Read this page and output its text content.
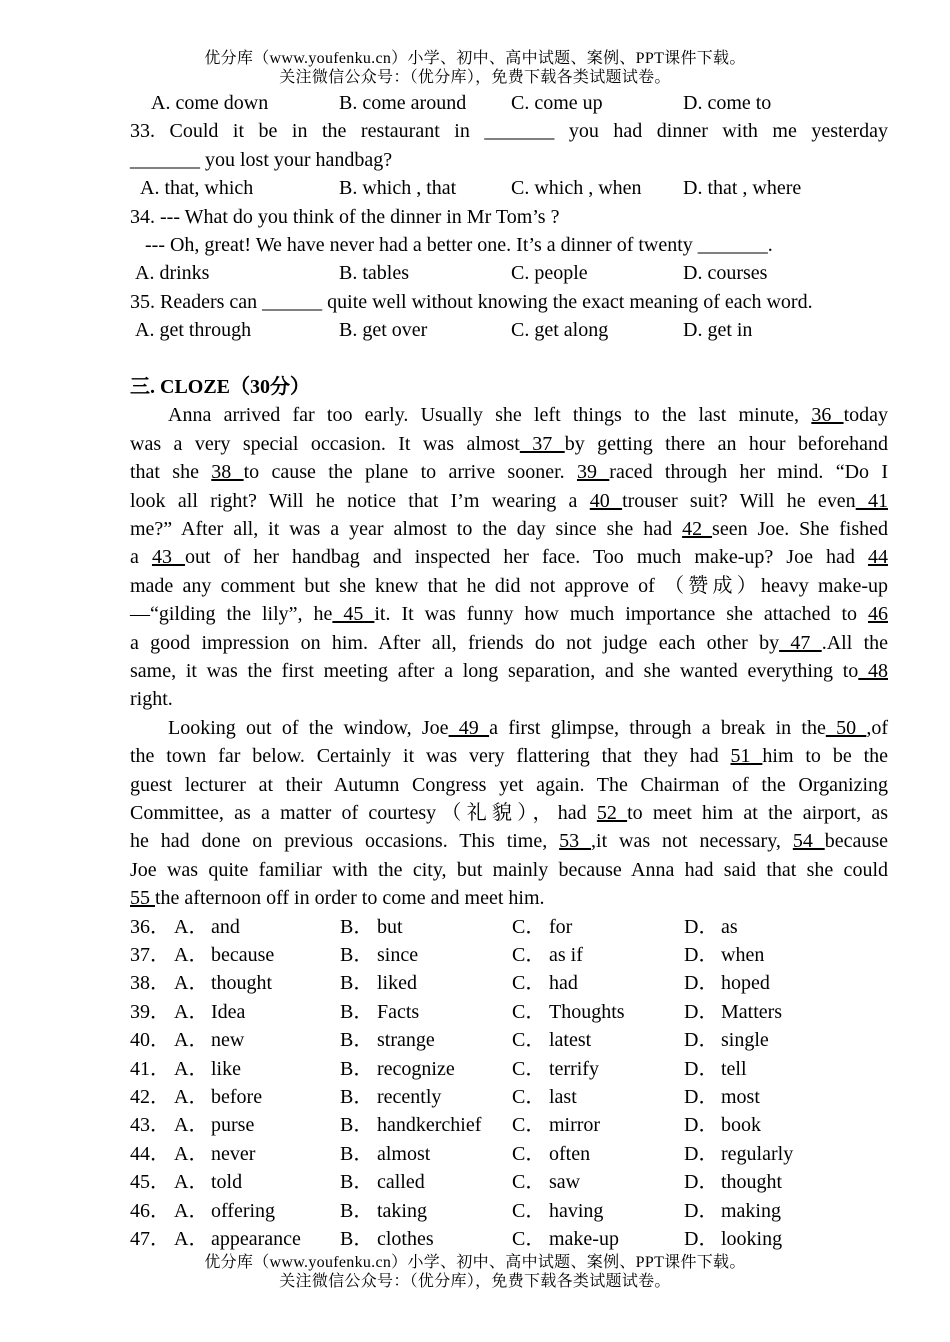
优分库（www.youfenku.cn）小学、初中、高中试题、案例、PPT课件下载。
关注微信公众号：（优分库），免费下载各类试题试卷。
A. come down	B. come around	C. come up	D. come to
33. Could it be in the restaurant in _______ you had dinner with me yesterday
_______ you lost your handbag?
A. that, which	B. which , that	C. which , when	D. that , where
34. --- What do you think of the dinner in Mr Tom’s ?
--- Oh, great! We have never had a better one. It’s a dinner of twenty _______.
A. drinks	B. tables	C. people	D. courses
35. Readers can ______ quite well without knowing the exact meaning of each word.
A. get through	B. get over	C. get along	D. get in
三. CLOZE（30分）
Anna arrived far too early. Usually she left things to the last minute, 36 today
was a very special occasion. It was almost 37 by getting there an hour beforehand
that she 38 to cause the plane to arrive sooner. 39 raced through her mind. “Do I
look all right? Will he notice that I’m wearing a 40 trouser suit? Will he even 41
me?” After all, it was a year almost to the day since she had 42 seen Joe. She fished
a 43 out of her handbag and inspected her face. Too much make-up? Joe had 44
made any comment but she knew that he did not approve of （赞成）heavy make-up
—“gilding the lily”, he 45 it. It was funny how much importance she attached to 46
a good impression on him. After all, friends do not judge each other by 47 .All the
same, it was the first meeting after a long separation, and she wanted everything to 48
right.
Looking out of the window, Joe 49 a first glimpse, through a break in the 50 ,of
the town far below. Certainly it was very flattering that they had 51 him to be the
guest lecturer at their Autumn Congress yet again. The Chairman of the Organizing
Committee, as a matter of courtesy（礼貌），had 52 to meet him at the airport, as
he had done on previous occasions. This time, 53 ,it was not necessary, 54 because
Joe was quite familiar with the city, but mainly because Anna had said that she could
55 the afternoon off in order to come and meet him.
36． A． and	B． but	C． for	D． as
37． A． because	B． since	C． as if	D． when
38． A． thought	B． liked	C． had	D． hoped
39． A． Idea	B． Facts	C． Thoughts	D． Matters
40． A． new	B． strange	C． latest	D． single
41． A． like	B． recognize	C． terrify	D． tell
42． A． before	B． recently	C． last	D． most
43． A． purse	B． handkerchief	C． mirror	D． book
44． A． never	B． almost	C． often	D． regularly
45． A． told	B． called	C． saw	D． thought
46． A． offering	B． taking	C． having	D． making
47． A． appearance	B． clothes	C． make-up	D． looking
优分库（www.youfenku.cn）小学、初中、高中试题、案例、PPT课件下载。
关注微信公众号：（优分库），免费下载各类试题试卷。
